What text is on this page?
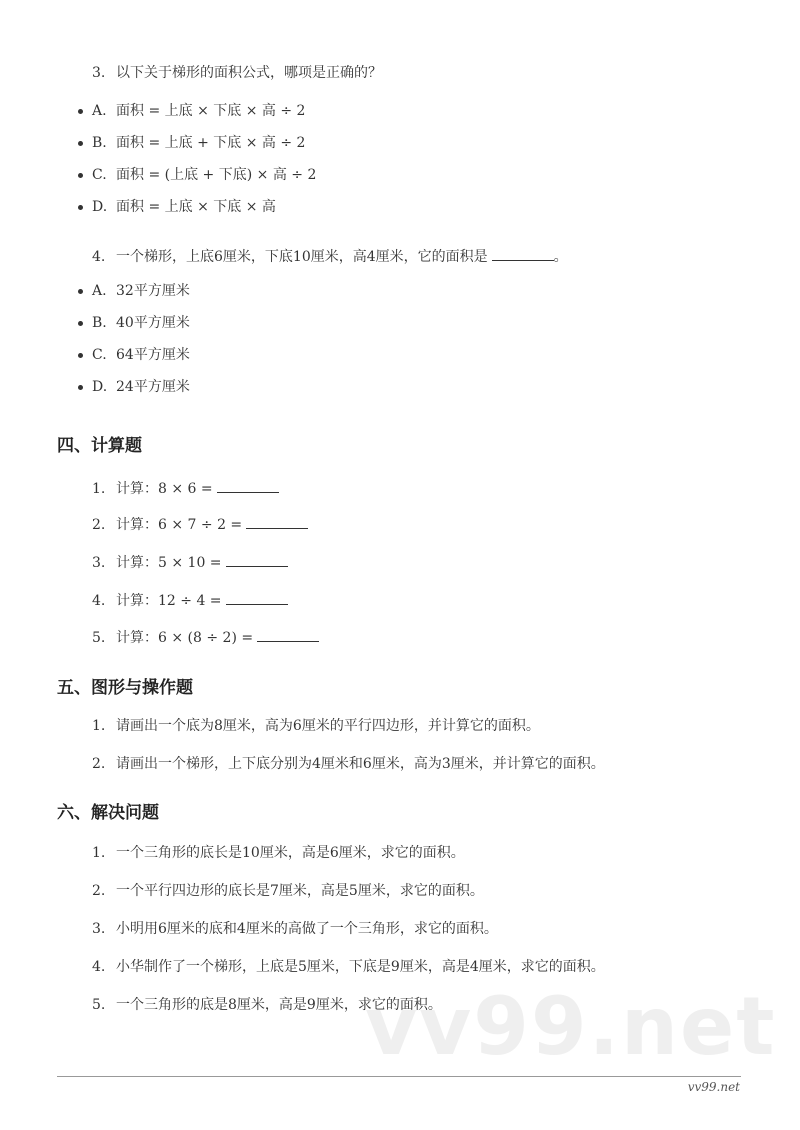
3. 以下关于梯形的面积公式，哪项是正确的？
A. 面积 = 上底 × 下底 × 高 ÷ 2
B. 面积 = 上底 + 下底 × 高 ÷ 2
C. 面积 = (上底 + 下底) × 高 ÷ 2
D. 面积 = 上底 × 下底 × 高
4. 一个梯形，上底6厘米，下底10厘米，高4厘米，它的面积是	。
A. 32平方厘米
B. 40平方厘米
C. 64平方厘米
D. 24平方厘米
四、计算题
1. 计算：8 × 6 =
2. 计算：6 × 7 ÷ 2 =
3. 计算：5 × 10 =
4. 计算：12 ÷ 4 =
5. 计算：6 × (8 ÷ 2) =
五、图形与操作题
1. 请画出一个底为8厘米，高为6厘米的平行四边形，并计算它的面积。
2. 请画出一个梯形，上下底分别为4厘米和6厘米，高为3厘米，并计算它的面积。
六、解决问题
vv99.net
1. 一个三角形的底长是10厘米，高是6厘米，求它的面积。
2. 一个平行四边形的底长是7厘米，高是5厘米，求它的面积。
3. 小明用6厘米的底和4厘米的高做了一个三角形，求它的面积。
4. 小华制作了一个梯形，上底是5厘米，下底是9厘米，高是4厘米，求它的面积。
5. 一个三角形的底是8厘米，高是9厘米，求它的面积。
vv99.net
